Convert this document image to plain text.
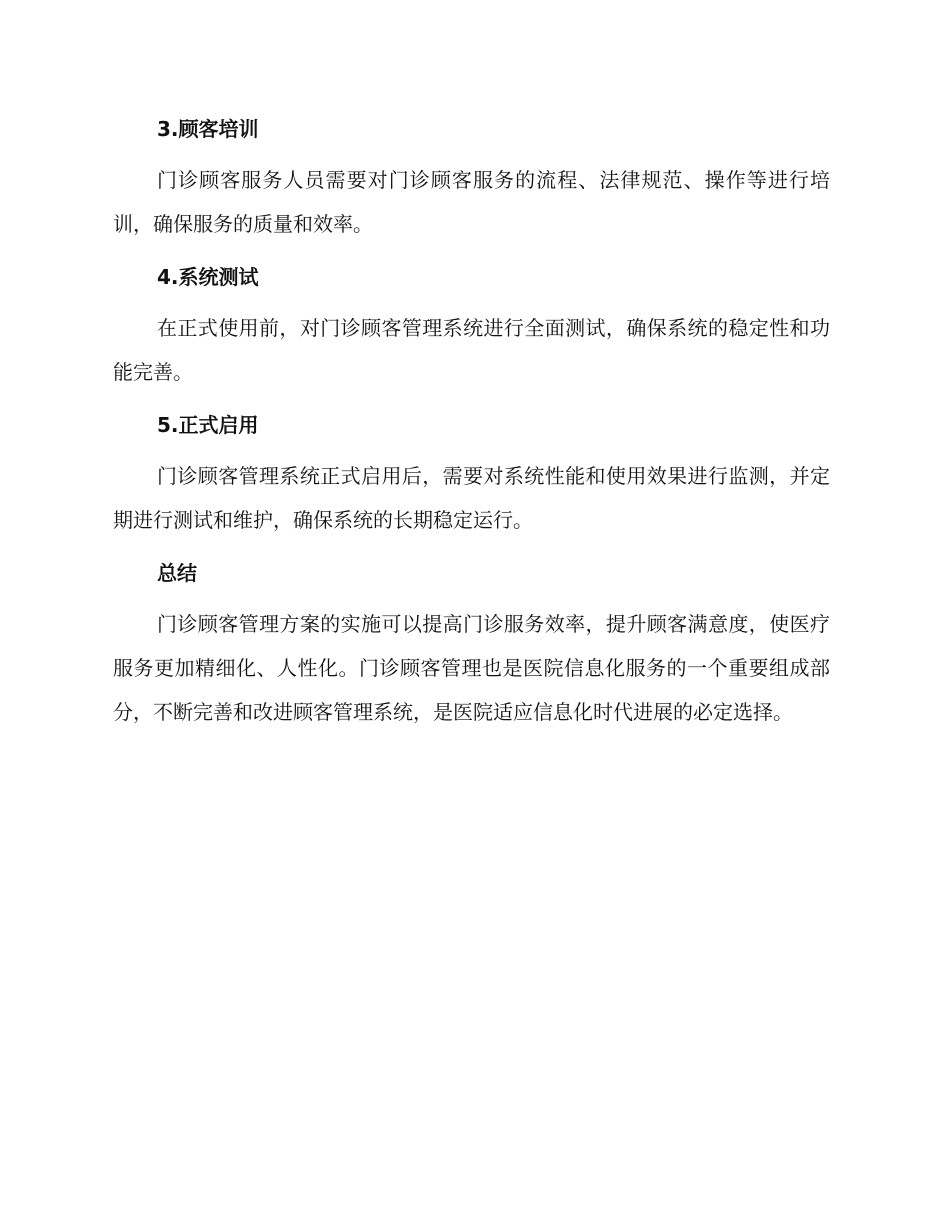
3.顾客培训

门诊顾客服务人员需要对门诊顾客服务的流程、法律规范、操作等进行培训，确保服务的质量和效率。

4.系统测试

在正式使用前，对门诊顾客管理系统进行全面测试，确保系统的稳定性和功能完善。

5.正式启用

门诊顾客管理系统正式启用后，需要对系统性能和使用效果进行监测，并定期进行测试和维护，确保系统的长期稳定运行。

总结

门诊顾客管理方案的实施可以提高门诊服务效率，提升顾客满意度，使医疗服务更加精细化、人性化。门诊顾客管理也是医院信息化服务的一个重要组成部分，不断完善和改进顾客管理系统，是医院适应信息化时代进展的必定选择。
